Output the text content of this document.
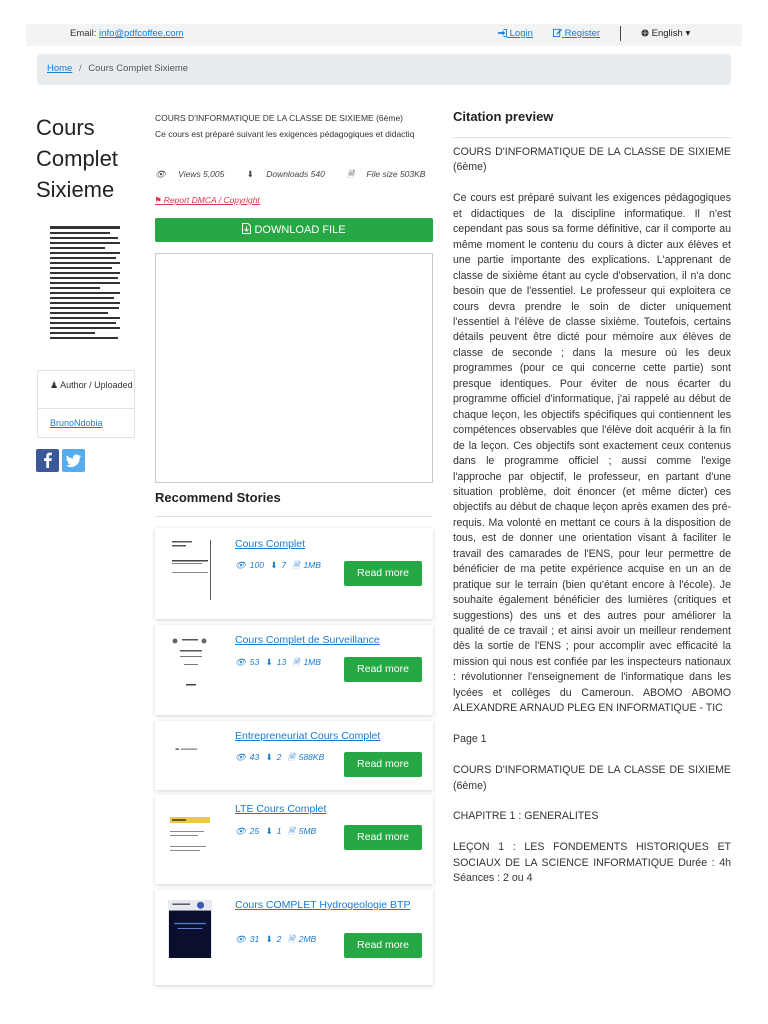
Email: info@pdfcoffee.com	Login	Register	English ▾
Home / Cours Complet Sixieme
Cours
Complet
Sixieme
♟ Author / Uploaded
BrunoNdobia
COURS D'INFORMATIQUE DE LA CLASSE DE SIXIEME (6ème)
Ce cours est préparé suivant les exigences pédagogiques et didactiq
👁 Views 5,005	⬇ Downloads 540	🗎 File size 503KB
⚑ Report DMCA / Copyright
DOWNLOAD FILE
Recommend Stories
Cours Complet
👁 100 ⬇ 7 🗎 1MB
Read more
Cours Complet de Surveillance
👁 53 ⬇ 13 🗎 1MB
Read more
Entrepreneuriat Cours Complet
👁 43 ⬇ 2 🗎 588KB
Read more
LTE Cours Complet
👁 25 ⬇ 1 🗎 5MB	Read more
Cours COMPLET Hydrogeologie BTP
👁 31 ⬇ 2 🗎 2MB	Read more
Citation preview

COURS D'INFORMATIQUE DE LA CLASSE DE SIXIEME (6ème)

Ce cours est préparé suivant les exigences pédagogiques et didactiques de la discipline informatique. Il n'est cependant pas sous sa forme définitive, car il comporte au même moment le contenu du cours à dicter aux élèves et une partie importante des explications. L'apprenant de classe de sixième étant au cycle d'observation, il n'a donc besoin que de l'essentiel. Le professeur qui exploitera ce cours devra prendre le soin de dicter uniquement l'essentiel à l'élève de classe sixième. Toutefois, certains détails peuvent être dicté pour mémoire aux élèves de classe de seconde ; dans la mesure où les deux programmes (pour ce qui concerne cette partie) sont presque identiques. Pour éviter de nous écarter du programme officiel d'informatique, j'ai rappelé au début de chaque leçon, les objectifs spécifiques qui contiennent les compétences observables que l'élève doit acquérir à la fin de la leçon. Ces objectifs sont exactement ceux contenus dans le programme officiel ; aussi comme l'exige l'approche par objectif, le professeur, en partant d'une situation problème, doit énoncer (et même dicter) ces objectifs au début de chaque leçon après examen des pré-requis. Ma volonté en mettant ce cours à la disposition de tous, est de donner une orientation visant à faciliter le travail des camarades de l'ENS, pour leur permettre de bénéficier de ma petite expérience acquise en un an de pratique sur le terrain (bien qu'étant encore à l'école). Je souhaite également bénéficier des lumières (critiques et suggestions) des uns et des autres pour améliorer la qualité de ce travail ; et ainsi avoir un meilleur rendement dès la sortie de l'ENS ; pour accomplir avec efficacité la mission qui nous est confiée par les inspecteurs nationaux : révolutionner l'enseignement de l'informatique dans les lycées et collèges du Cameroun. ABOMO ABOMO ALEXANDRE ARNAUD PLEG EN INFORMATIQUE - TIC

Page 1

COURS D'INFORMATIQUE DE LA CLASSE DE SIXIEME (6ème)

CHAPITRE 1 : GENERALITES

LEÇON 1 : LES FONDEMENTS HISTORIQUES ET SOCIAUX DE LA SCIENCE INFORMATIQUE Durée : 4h Séances : 2 ou 4
